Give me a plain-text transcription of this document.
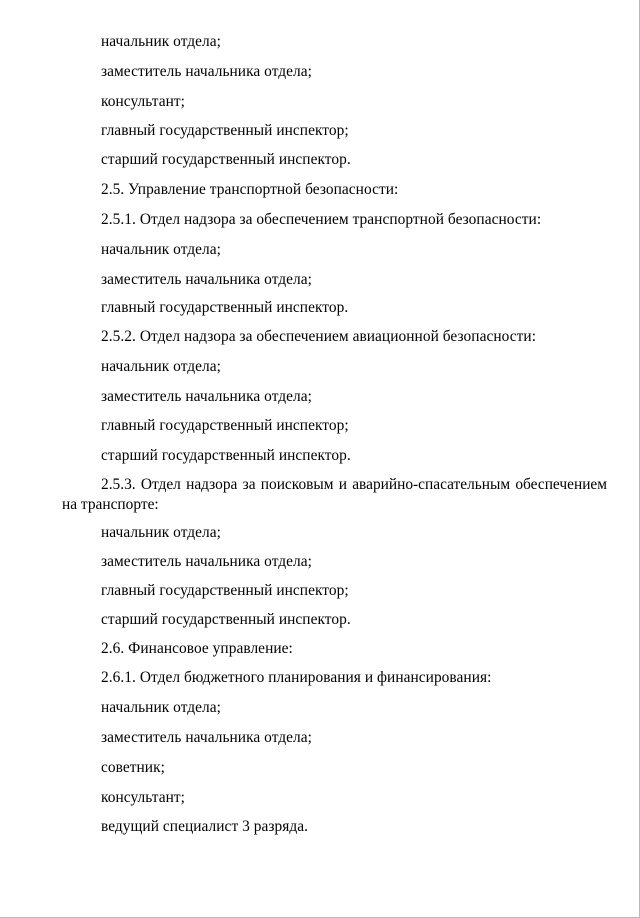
начальник отдела;
заместитель начальника отдела;
консультант;
главный государственный инспектор;
старший государственный инспектор.
2.5. Управление транспортной безопасности:
2.5.1. Отдел надзора за обеспечением транспортной безопасности:
начальник отдела;
заместитель начальника отдела;
главный государственный инспектор.
2.5.2. Отдел надзора за обеспечением авиационной безопасности:
начальник отдела;
заместитель начальника отдела;
главный государственный инспектор;
старший государственный инспектор.
2.5.3. Отдел надзора за поисковым и аварийно-спасательным обеспечением на транспорте:
начальник отдела;
заместитель начальника отдела;
главный государственный инспектор;
старший государственный инспектор.
2.6. Финансовое управление:
2.6.1. Отдел бюджетного планирования и финансирования:
начальник отдела;
заместитель начальника отдела;
советник;
консультант;
ведущий специалист 3 разряда.
